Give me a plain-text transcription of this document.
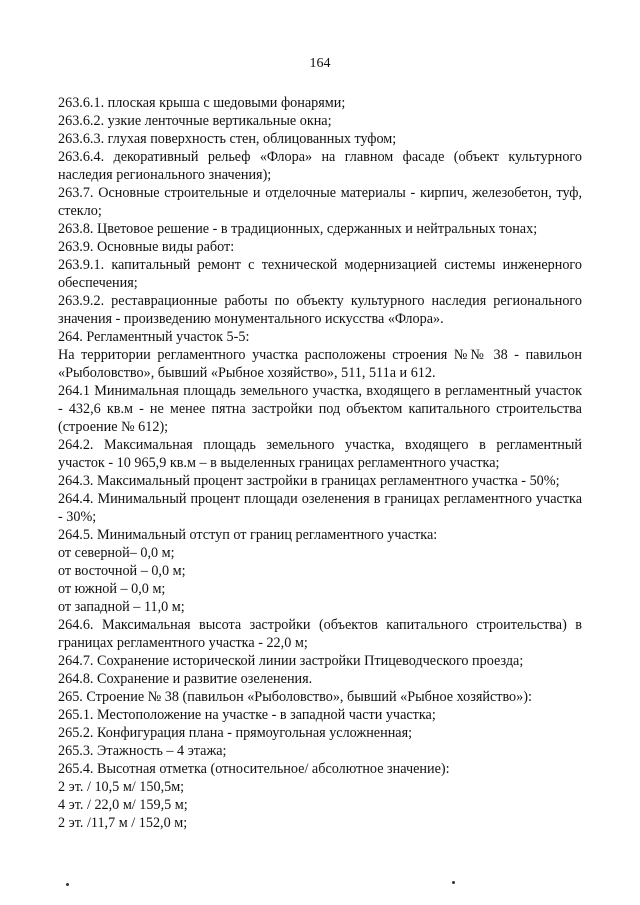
164

263.6.1. плоская крыша с шедовыми фонарями;

263.6.2. узкие ленточные вертикальные окна;

263.6.3. глухая поверхность стен, облицованных туфом;

263.6.4. декоративный рельеф «Флора» на главном фасаде (объект культурного наследия регионального значения);

263.7. Основные строительные и отделочные материалы - кирпич, железобетон, туф, стекло;

263.8. Цветовое решение - в традиционных, сдержанных и нейтральных тонах;

263.9. Основные виды работ:

263.9.1. капитальный ремонт с технической модернизацией системы инженерного обеспечения;

263.9.2. реставрационные работы по объекту культурного наследия регионального значения - произведению монументального искусства «Флора».

264. Регламентный участок 5-5:

На территории регламентного участка расположены строения №№ 38 - павильон «Рыболовство», бывший «Рыбное хозяйство», 511, 511а и 612.

264.1 Минимальная площадь земельного участка, входящего в регламентный участок - 432,6 кв.м - не менее пятна застройки под объектом капитального строительства (строение № 612);

264.2. Максимальная площадь земельного участка, входящего в регламентный участок - 10 965,9 кв.м – в выделенных границах регламентного участка;

264.3. Максимальный процент застройки в границах регламентного участка - 50%;

264.4. Минимальный процент площади озеленения в границах регламентного участка - 30%;

264.5. Минимальный отступ от границ регламентного участка:

от северной– 0,0 м;

от восточной – 0,0 м;

от южной – 0,0 м;

от западной – 11,0 м;

264.6. Максимальная высота застройки (объектов капитального строительства) в границах регламентного участка - 22,0 м;

264.7. Сохранение исторической линии застройки Птицеводческого проезда;

264.8. Сохранение и развитие озеленения.

265. Строение № 38 (павильон «Рыболовство», бывший «Рыбное хозяйство»):

265.1. Местоположение на участке - в западной части участка;

265.2. Конфигурация плана - прямоугольная усложненная;

265.3. Этажность – 4 этажа;

265.4. Высотная отметка (относительное/ абсолютное значение):

2 эт. / 10,5 м/ 150,5м;

4 эт. / 22,0 м/ 159,5 м;

2 эт. /11,7 м / 152,0 м;
